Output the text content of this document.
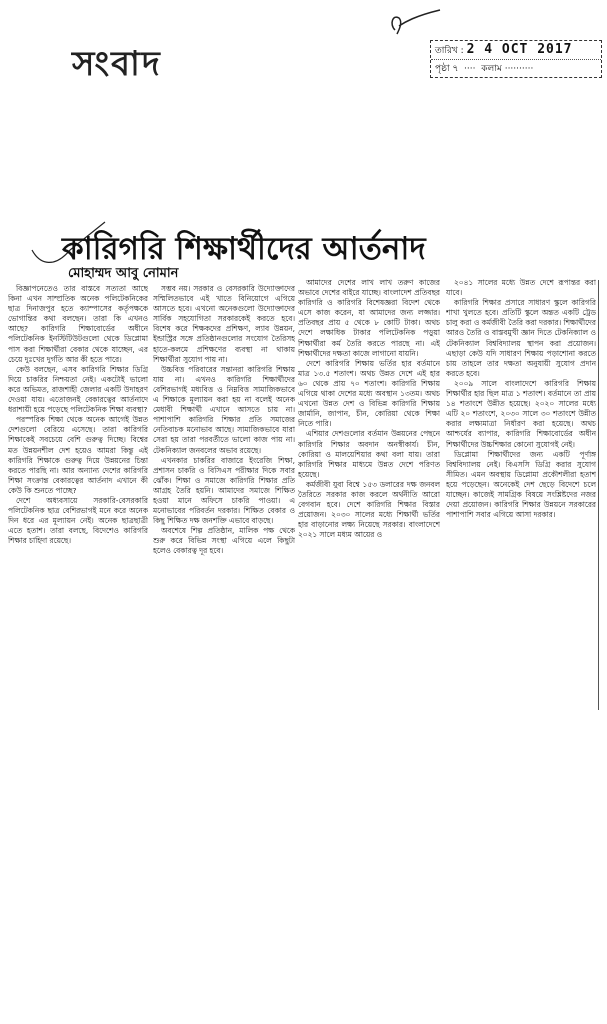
সংবাদ	তারিখ : 2 4 OCT 2017
পৃষ্ঠা ৭  ····  কলাম ··········
কারিগরি শিক্ষার্থীদের আর্তনাদ
মোহাম্মদ আবু নোমান

বিজ্ঞাপনেতেও তার বাস্তবে সত্যতা আছে কিনা এখন সাম্প্রতিক অনেক পলিটেকনিকের ছাত্র দিনাজপুর হতে ক্যাম্পাসের কর্তৃপক্ষকে ভোগান্তির কথা বলছেন। তারা কি এখনও আছে? কারিগরি শিক্ষাবোর্ডের অধীনে পলিটেকনিক ইনস্টিটিউটগুলো থেকে ডিপ্লোমা পাস করা শিক্ষার্থীরা বেকার থেকে যাচ্ছেন, এর চেয়ে দুঃখের দুর্গতি আর কী হতে পারে।

কেউ বলছেন, এসব কারিগরি শিক্ষার ডিগ্রি দিয়ে চাকরির নিশ্চয়তা নেই। একটোই ভালো করে অভিমত, রাজশাহী জেলার একটি উদাহরণ দেওয়া যায়। এতোজনই বেকারত্বের আর্তনাদে ধরাশায়ী হয়ে পড়েছে পলিটেকনিক শিক্ষা ব্যবস্থা?

পরস্পরিক শিক্ষা থেকে অনেক আগেই উন্নত দেশগুলো বেরিয়ে এসেছে। তারা কারিগরি শিক্ষাকেই সবচেয়ে বেশি গুরুত্ব দিচ্ছে। বিশ্বের মত উন্নয়নশীল দেশ হয়েও আমরা কিন্তু এই কারিগরি শিক্ষাকে গুরুত্ব দিয়ে উন্নয়নের চিন্তা করতে পারছি না। আর অন্যান্য দেশের কারিগরি শিক্ষা সংক্রান্ত বেকারত্বের আর্তনাদ এখানে কী কেউ কি শুনতে পাচ্ছে?

দেশে অধ্যবসায়ে সরকারি-বেসরকারি পলিটেকনিক ছাত্র বেশিরভাগই মনে করে অনেক দিন ধরে এর মূল্যায়ন নেই। অনেক ছাত্রছাত্রী এতে হতাশ। তারা বলছে, বিদেশেও কারিগরি শিক্ষার চাহিদা রয়েছে।

সম্ভব নয়। সরকার ও বেসরকারি উদ্যোক্তাদের সম্মিলিতভাবে এই খাতে বিনিয়োগে এগিয়ে আসতে হবে। এখনো অনেকগুলো উদ্যোক্তাদের সার্বিক সহযোগিতা সরকারকেই করতে হবে। বিশেষ করে শিক্ষকদের প্রশিক্ষণ, ল্যাব উন্নয়ন, ইন্ডাস্ট্রির সঙ্গে প্রতিষ্ঠানগুলোর সংযোগ তৈরিসহ হাতে-কলমে প্রশিক্ষণের ব্যবস্থা না থাকায় শিক্ষার্থীরা সুযোগ পায় না।

উচ্চবিত্ত পরিবারের সন্তানরা কারিগরি শিক্ষায় যায় না। এখনও কারিগরি শিক্ষার্থীদের বেশিরভাগই মধ্যবিত্ত ও নিম্নবিত্ত সামাজিকভাবে এ শিক্ষাকে মূল্যায়ন করা হয় না বলেই অনেক মেধাবী শিক্ষার্থী এখানে আসতে চায় না। পাশাপাশি কারিগরি শিক্ষার প্রতি সমাজের নেতিবাচক মনোভাব আছে। সামাজিকভাবে যারা সেরা হয় তারা পরবর্তীতে ভালো কাজ পায় না। টেকনিক্যাল জনবলের অভাব রয়েছে।

এখনকার চাকরির বাজারে ইংরেজি শিক্ষা, প্রশাসন চাকরি ও বিসিএস পরীক্ষার দিকে সবার ঝোঁক। শিক্ষা ও সমাজে কারিগরি শিক্ষার প্রতি আগ্রহ তৈরি হয়নি। আমাদের সমাজে শিক্ষিত হওয়া মানে অফিসে চাকরি পাওয়া। এ মনোভাবের পরিবর্তন দরকার। শিক্ষিত বেকার ও কিছু শিক্ষিত দক্ষ জনশক্তি এভাবে বাড়ছে।

অবশেষে শিল্প প্রতিষ্ঠান, মালিক পক্ষ থেকে শুরু করে বিভিন্ন সংস্থা এগিয়ে এলে কিছুটা হলেও বেকারত্ব দূর হবে।

আমাদের দেশের লাখ লাখ তরুণ কাজের অভাবে দেশের বাইরে যাচ্ছে। বাংলাদেশ প্রতিবছর কারিগরি ও কারিগরি বিশেষজ্ঞরা বিদেশ থেকে এসে কাজ করেন, যা আমাদের জন্য লজ্জার। প্রতিবছর প্রায় ৫ থেকে ৮ কোটি টাকা। অথচ দেশে লক্ষাধিক টাকার পলিটেকনিক পড়ুয়া শিক্ষার্থীরা কর্ম তৈরি করতে পারছে না। এই শিক্ষার্থীদের দক্ষতা কাজে লাগানো যায়নি।

দেশে কারিগরি শিক্ষায় ভর্তির হার বর্তমানে মাত্র ১৩.৫ শতাংশ। অথচ উন্নত দেশে এই হার ৬০ থেকে প্রায় ৭০ শতাংশ। কারিগরি শিক্ষায় এগিয়ে থাকা দেশের মধ্যে অবস্থান ১৩তম। অথচ এখনো উন্নত দেশ ও বিভিন্ন কারিগরি শিক্ষায় জার্মানি, জাপান, চীন, কোরিয়া থেকে শিক্ষা নিতে পারি।

এশিয়ার দেশগুলোর বর্তমান উন্নয়নের পেছনে কারিগরি শিক্ষার অবদান অনস্বীকার্য। চীন, কোরিয়া ও মালয়েশিয়ার কথা বলা যায়। তারা কারিগরি শিক্ষার মাধ্যমে উন্নত দেশে পরিণত হয়েছে।

কর্মজীবী যুবা বিশ্বে ১৫৩ ডলারের দক্ষ জনবল তৈরিতে সরকার কাজ করলে অর্থনীতি আরো বেগবান হবে। দেশে কারিগরি শিক্ষার বিস্তার প্রয়োজন। ২০৩০ সালের মধ্যে শিক্ষার্থী ভর্তির হার বাড়ানোর লক্ষ্য নিয়েছে সরকার। বাংলাদেশে ২০২১ সালে মধ্যম আয়ের ও

২০৪১ সালের মধ্যে উন্নত দেশে রূপান্তর করা যাবে।

কারিগরি শিক্ষার প্রসারে সাধারণ স্কুলে কারিগরি শাখা খুলতে হবে। প্রতিটি স্কুলে অন্তত একটি ট্রেড চালু করা ও কর্মজীবী তৈরি করা দরকার। শিক্ষার্থীদের আরও তৈরি ও বাস্তবমুখী জ্ঞান দিতে টেকনিক্যাল ও টেকনিক্যাল বিশ্ববিদ্যালয় স্থাপন করা প্রয়োজন। এছাড়া কেউ যদি সাধারণ শিক্ষায় পড়াশোনা করতে চায় তাহলে তার দক্ষতা অনুযায়ী সুযোগ প্রদান করতে হবে।

২০০৯ সালে বাংলাদেশে কারিগরি শিক্ষায় শিক্ষার্থীর হার ছিল মাত্র ১ শতাংশ। বর্তমানে তা প্রায় ১৪ শতাংশে উন্নীত হয়েছে। ২০২০ সালের মধ্যে এটি ২০ শতাংশে, ২০৩০ সালে ৩০ শতাংশে উন্নীত করার লক্ষ্যমাত্রা নির্ধারণ করা হয়েছে। অথচ আশ্চর্যের ব্যাপার, কারিগরি শিক্ষাবোর্ডের অধীন শিক্ষার্থীদের উচ্চশিক্ষার কোনো সুযোগই নেই।

ডিপ্লোমা শিক্ষার্থীদের জন্য একটি পূর্ণাঙ্গ বিশ্ববিদ্যালয় নেই। বিএসসি ডিগ্রি করার সুযোগ সীমিত। এমন অবস্থায় ডিপ্লোমা প্রকৌশলীরা হতাশ হয়ে পড়েছেন। অনেকেই দেশ ছেড়ে বিদেশে চলে যাচ্ছেন। কাজেই সামগ্রিক বিষয়ে সংশ্লিষ্টদের নজর দেয়া প্রয়োজন। কারিগরি শিক্ষার উন্নয়নে সরকারের পাশাপাশি সবার এগিয়ে আসা দরকার।
